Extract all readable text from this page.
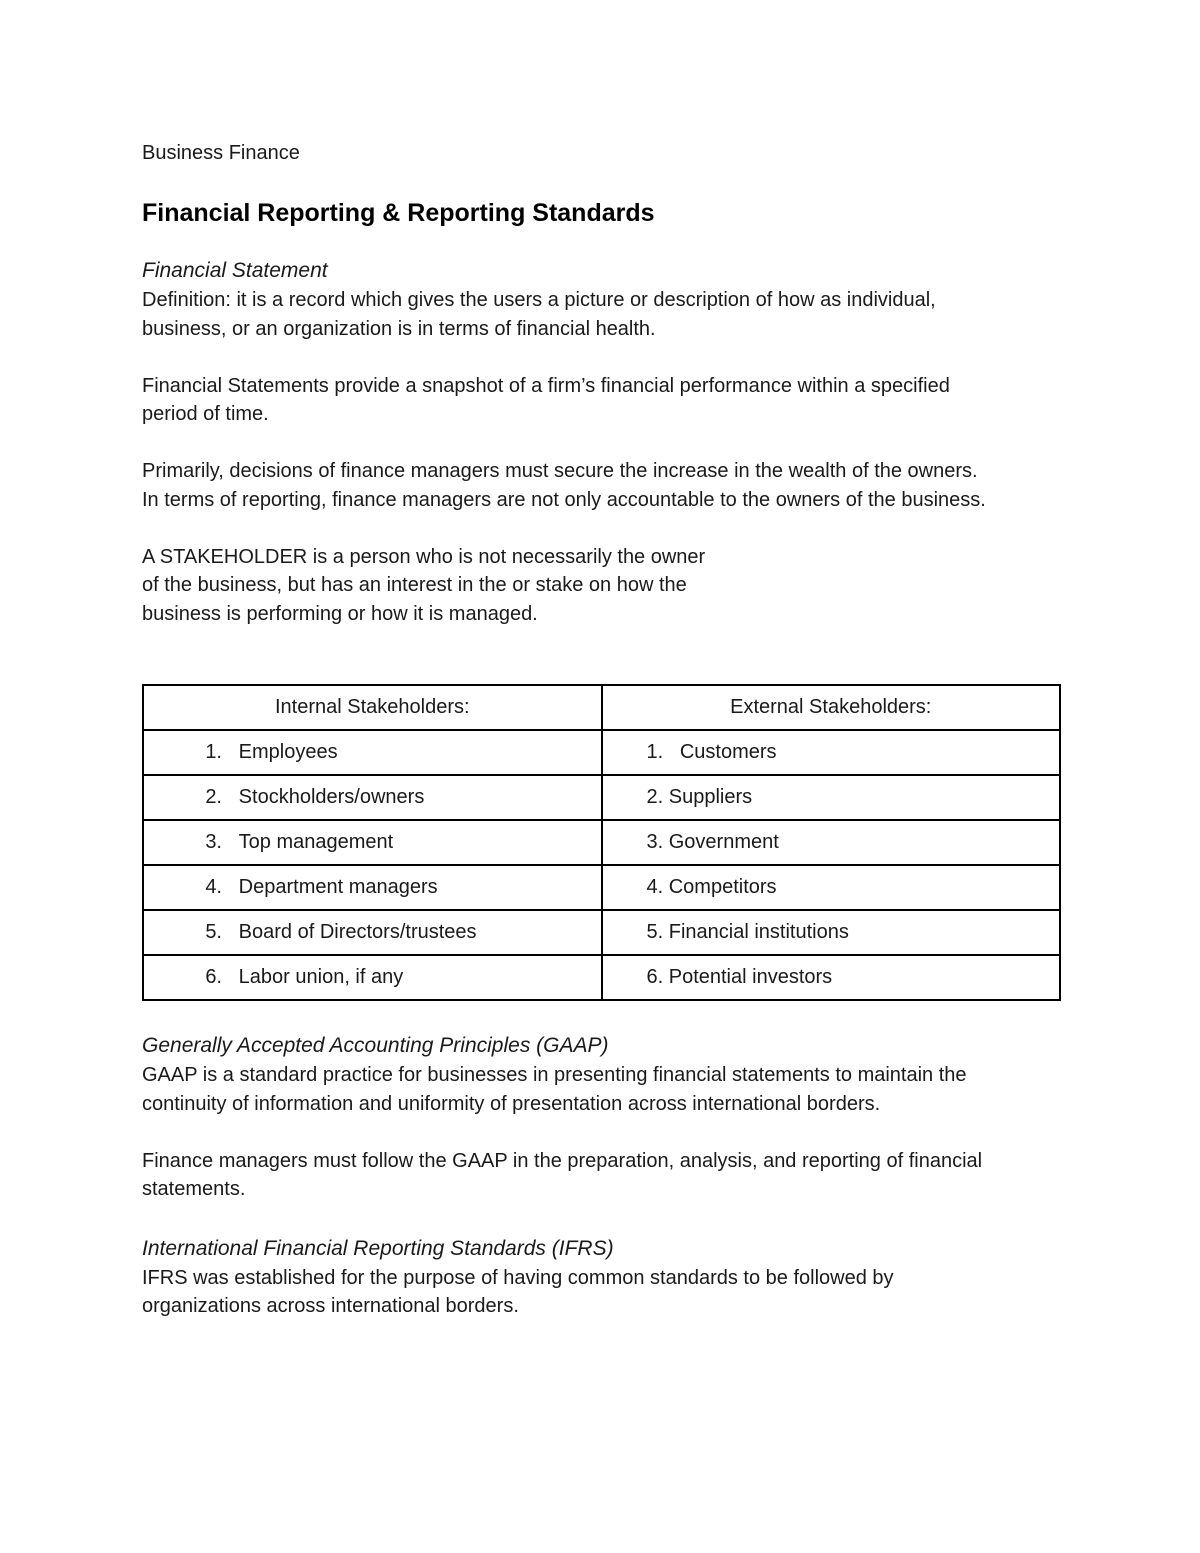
Business Finance

Financial Reporting & Reporting Standards

Financial Statement

Definition: it is a record which gives the users a picture or description of how as individual,

business, or an organization is in terms of financial health.

Financial Statements provide a snapshot of a firm’s financial performance within a specified

period of time.

Primarily, decisions of finance managers must secure the increase in the wealth of the owners.

In terms of reporting, finance managers are not only accountable to the owners of the business.

A STAKEHOLDER is a person who is not necessarily the owner

of the business, but has an interest in the or stake on how the

business is performing or how it is managed.

Internal Stakeholders:	External Stakeholders:
1. Employees	1.   Customers
2. Stockholders/owners	2. Suppliers
3. Top management	3. Government
4. Department managers	4. Competitors
5. Board of Directors/trustees	5. Financial institutions
6. Labor union, if any	6. Potential investors

Generally Accepted Accounting Principles (GAAP)

GAAP is a standard practice for businesses in presenting financial statements to maintain the

continuity of information and uniformity of presentation across international borders.

Finance managers must follow the GAAP in the preparation, analysis, and reporting of financial

statements.

International Financial Reporting Standards (IFRS)

IFRS was established for the purpose of having common standards to be followed by

organizations across international borders.
